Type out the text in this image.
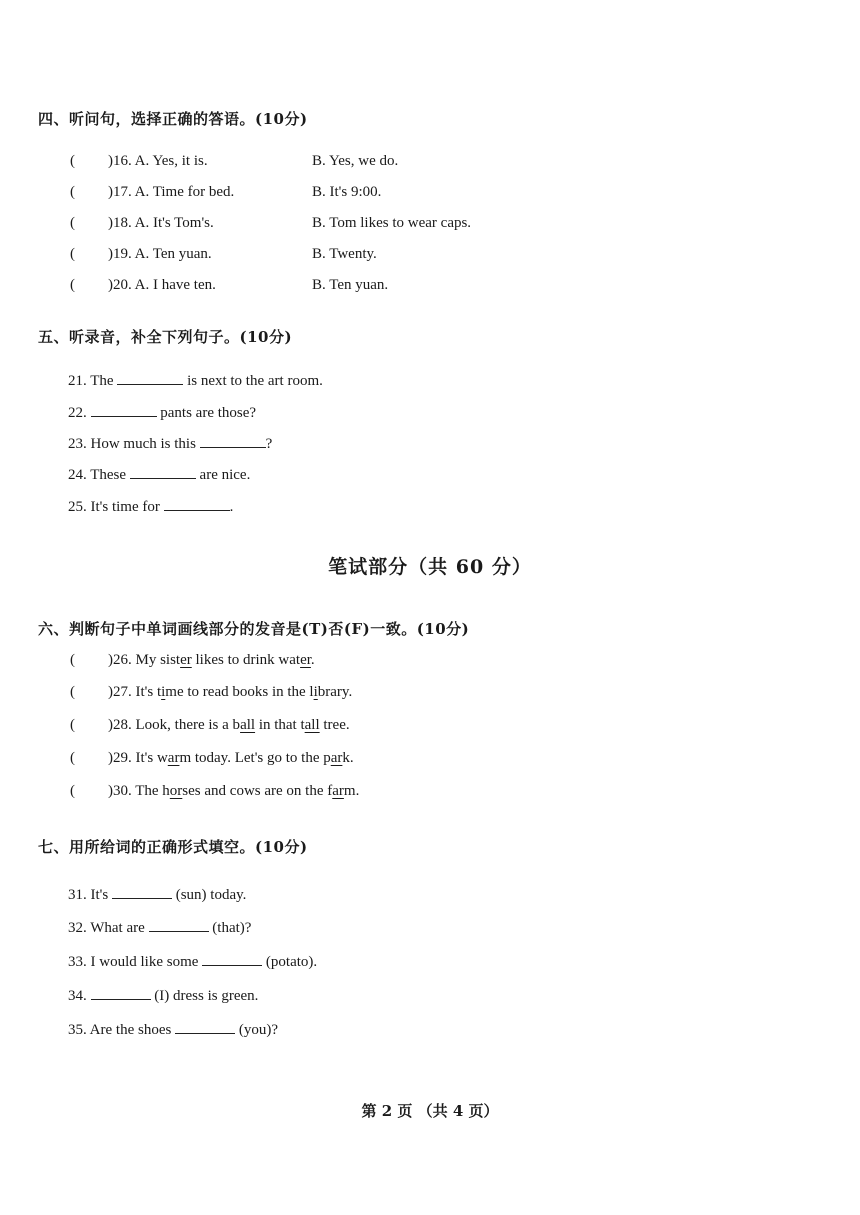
四、听问句，选择正确的答语。(10分)
( )16. A. Yes, it is.	B. Yes, we do.
( )17. A. Time for bed.	B. It's 9:00.
( )18. A. It's Tom's.	B. Tom likes to wear caps.
( )19. A. Ten yuan.	B. Twenty.
( )20. A. I have ten.	B. Ten yuan.
五、听录音，补全下列句子。(10分)
21. The	is next to the art room.
22.	pants are those?
23. How much is this	?
24. These	are nice.
25. It's time for	.
笔试部分（共 60 分）
六、判断句子中单词画线部分的发音是(T)否(F)一致。(10分)
( )26. My sister likes to drink water.
( )27. It's time to read books in the library.
( )28. Look, there is a ball in that tall tree.
( )29. It's warm today. Let's go to the park.
( )30. The horses and cows are on the farm.
七、用所给词的正确形式填空。(10分)
31. It's	(sun) today.
32. What are	(that)?
33. I would like some	(potato).
34.	(I) dress is green.
35. Are the shoes	(you)?
第 2 页 （共 4 页）
